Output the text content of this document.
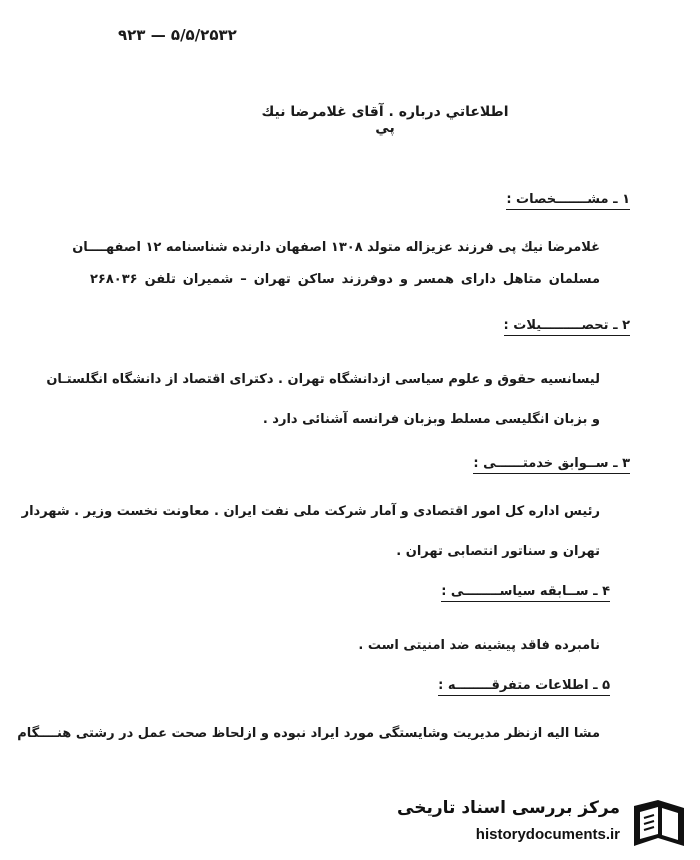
۹۲۳ — ۵/۵/۲۵۳۲
اطلاعاتي درباره . آقای غلامرضا نیك پي
۱ ـ مشـــــــخصات :
غلامرضا نیك پی فرزند عزیزاله متولد ۱۳۰۸ اصفهان دارنده شناسنامه ۱۲ اصفهــــان
مسلمان متاهل دارای همسر و دوفرزند ساکن تهران – شمیران تلفن ۲۶۸۰۳۶
۲ ـ تحصـــــــــیلات :
لیسانسیه حقوق و علوم سیاسی ازدانشگاه تهران . دکترای اقتصاد از دانشگاه انگلستـان
و بزبان انگلیسی مسلط وبزبان فرانسه آشنائی دارد .
۳ ـ ســوابق خدمتــــــی :
رئیس اداره کل امور اقتصادی و آمار شرکت ملی نفت ایران . معاونت نخست وزیر . شهردار
تهران و سناتور انتصابی تهران .
۴ ـ ســابقه سیاســــــــی :
نامبرده فاقد پیشینه ضد امنیتی است .
۵ ـ اطلاعات متفرقــــــــه :
مشا الیه ازنظر مدیریت وشایستگی مورد ایراد نبوده و ازلحاظ صحت عمل در رشتی هنــــگام
مرکز بررسی اسناد تاریخی
historydocuments.ir
